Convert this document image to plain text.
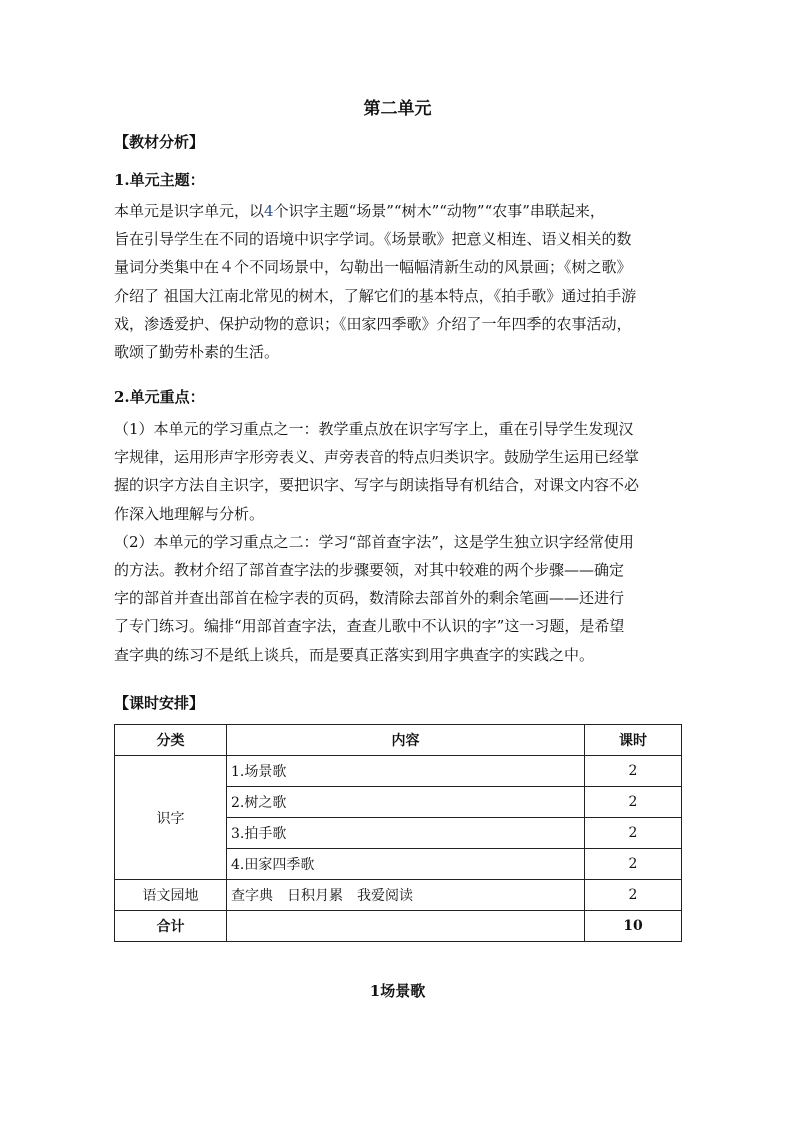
第二单元
【教材分析】
1.单元主题：
本单元是识字单元，以4个识字主题“场景”“树木”“动物”“农事”串联起来，
旨在引导学生在不同的语境中识字学词。《场景歌》把意义相连、语义相关的数
量词分类集中在４个不同场景中，勾勒出一幅幅清新生动的风景画；《树之歌》
介绍了 祖国大江南北常见的树木，了解它们的基本特点，《拍手歌》通过拍手游
戏，渗透爱护、保护动物的意识；《田家四季歌》介绍了一年四季的农事活动，
歌颂了勤劳朴素的生活。
2.单元重点：
（1）本单元的学习重点之一：教学重点放在识字写字上，重在引导学生发现汉
字规律，运用形声字形旁表义、声旁表音的特点归类识字。鼓励学生运用已经掌
握的识字方法自主识字，要把识字、写字与朗读指导有机结合，对课文内容不必
作深入地理解与分析。
（2）本单元的学习重点之二：学习“部首查字法”，这是学生独立识字经常使用
的方法。教材介绍了部首查字法的步骤要领，对其中较难的两个步骤——确定
字的部首并查出部首在检字表的页码，数清除去部首外的剩余笔画——还进行
了专门练习。编排“用部首查字法，查查儿歌中不认识的字”这一习题，是希望
查字典的练习不是纸上谈兵，而是要真正落实到用字典查字的实践之中。
【课时安排】
分类	内容	课时
识字	1.场景歌	2
	2.树之歌	2
	3.拍手歌	2
	4.田家四季歌	2
语文园地	查字典　日积月累　我爱阅读	2
合计		10
1场景歌
